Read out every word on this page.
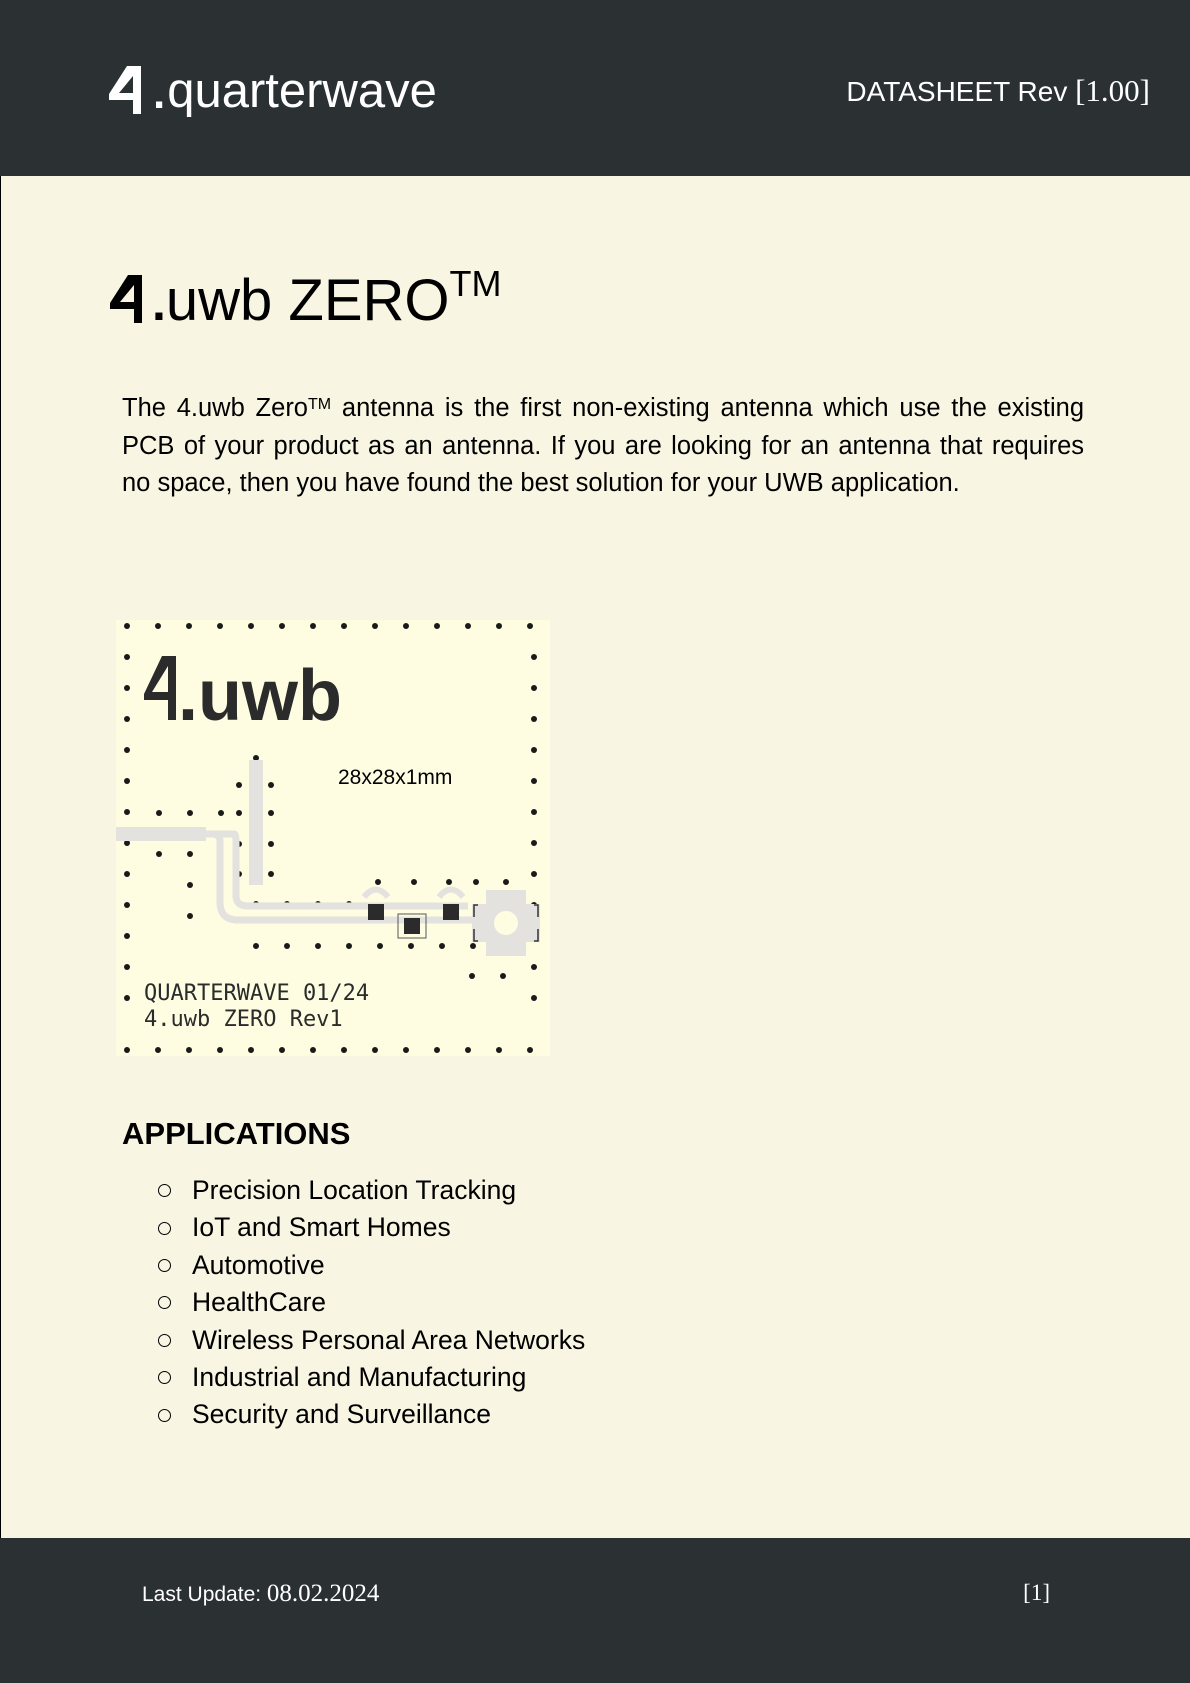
. quarterwave	DATASHEET Rev [1.00]
. uwb ZERO™
The 4.uwb Zero™ antenna is the first non-existing antenna which use the existing PCB of your product as an antenna. If you are looking for an antenna that requires no space, then you have found the best solution for your UWB application.
.uwb
28x28x1mm
QUARTERWAVE 01/24
4.uwb ZERO Rev1
APPLICATIONS
Precision Location Tracking
IoT and Smart Homes
Automotive
HealthCare
Wireless Personal Area Networks
Industrial and Manufacturing
Security and Surveillance
Last Update: 08.02.2024	[1]
